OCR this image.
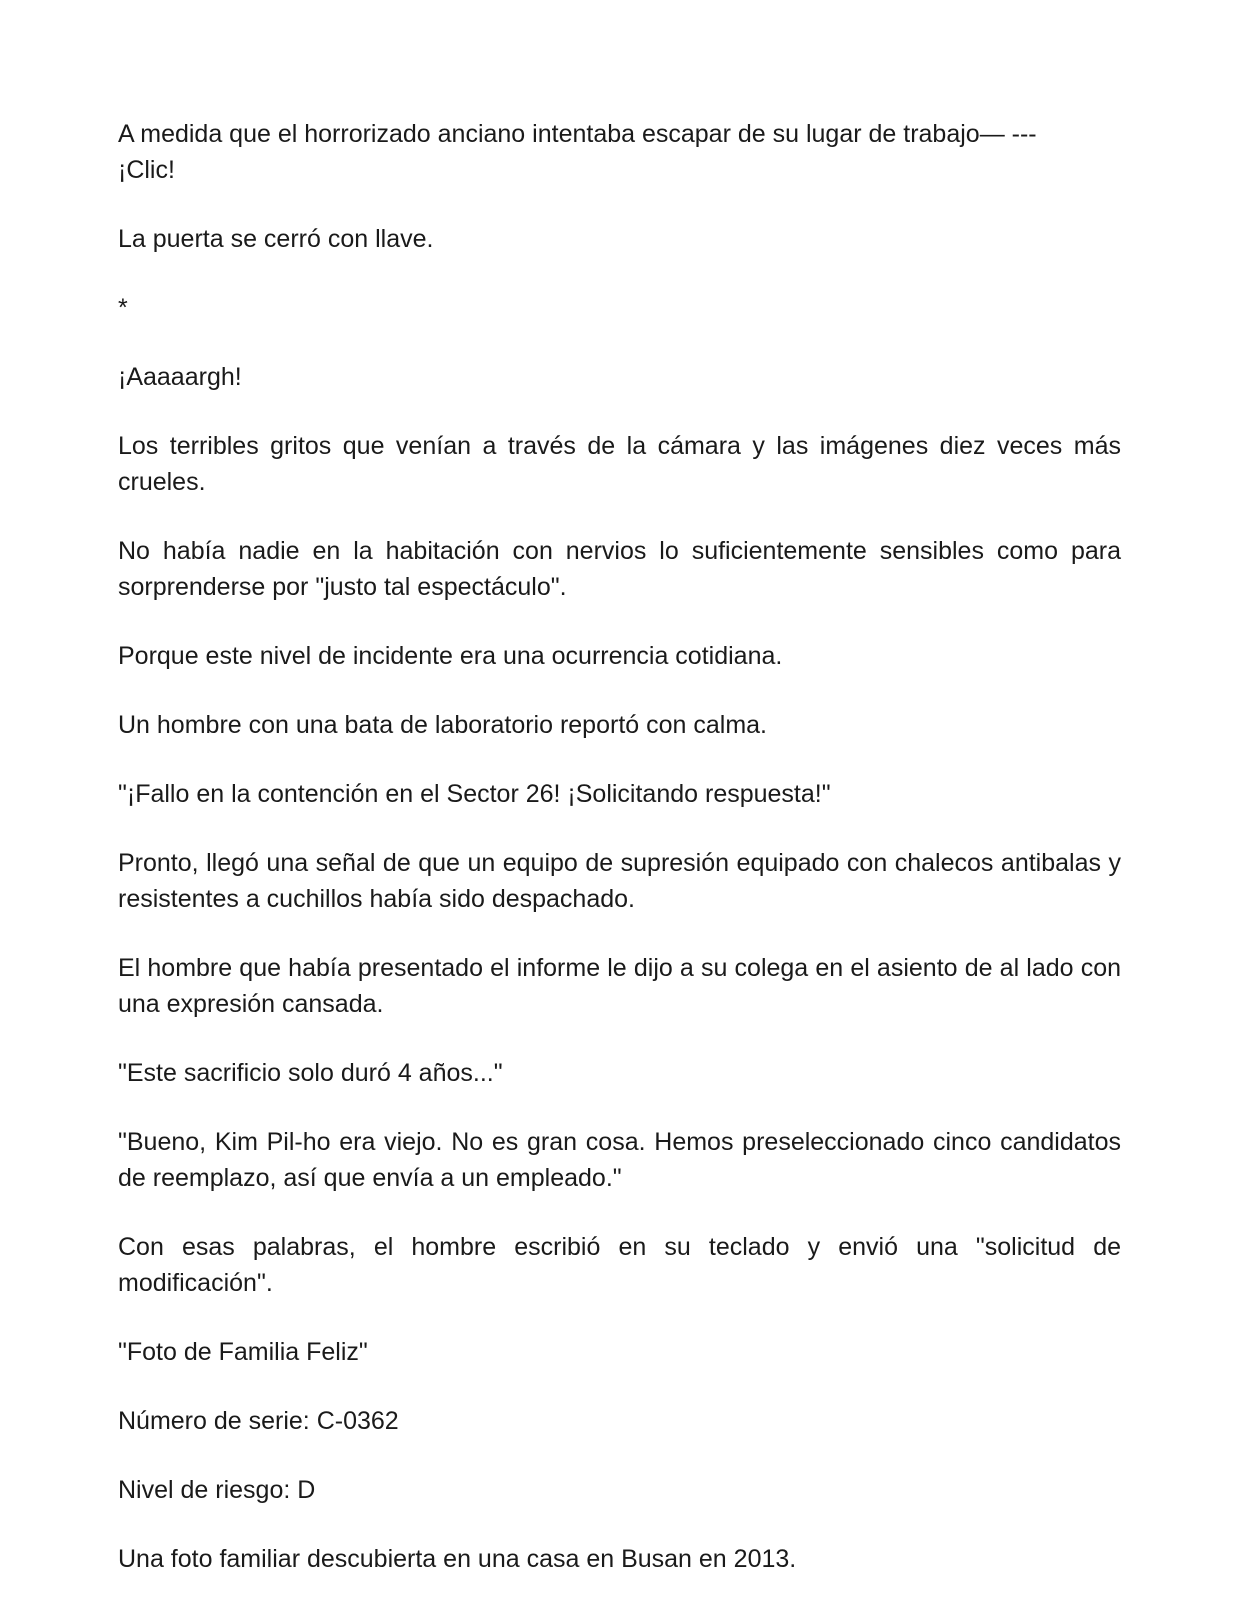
A medida que el horrorizado anciano intentaba escapar de su lugar de trabajo— ---
¡Clic!

La puerta se cerró con llave.

*

¡Aaaaargh!

Los terribles gritos que venían a través de la cámara y las imágenes diez veces más crueles.

No había nadie en la habitación con nervios lo suficientemente sensibles como para sorprenderse por "justo tal espectáculo".

Porque este nivel de incidente era una ocurrencia cotidiana.

Un hombre con una bata de laboratorio reportó con calma.

"¡Fallo en la contención en el Sector 26! ¡Solicitando respuesta!"

Pronto, llegó una señal de que un equipo de supresión equipado con chalecos antibalas y resistentes a cuchillos había sido despachado.

El hombre que había presentado el informe le dijo a su colega en el asiento de al lado con una expresión cansada.

"Este sacrificio solo duró 4 años..."

"Bueno, Kim Pil-ho era viejo. No es gran cosa. Hemos preseleccionado cinco candidatos de reemplazo, así que envía a un empleado."

Con esas palabras, el hombre escribió en su teclado y envió una "solicitud de modificación".

"Foto de Familia Feliz"

Número de serie: C-0362

Nivel de riesgo: D

Una foto familiar descubierta en una casa en Busan en 2013.
